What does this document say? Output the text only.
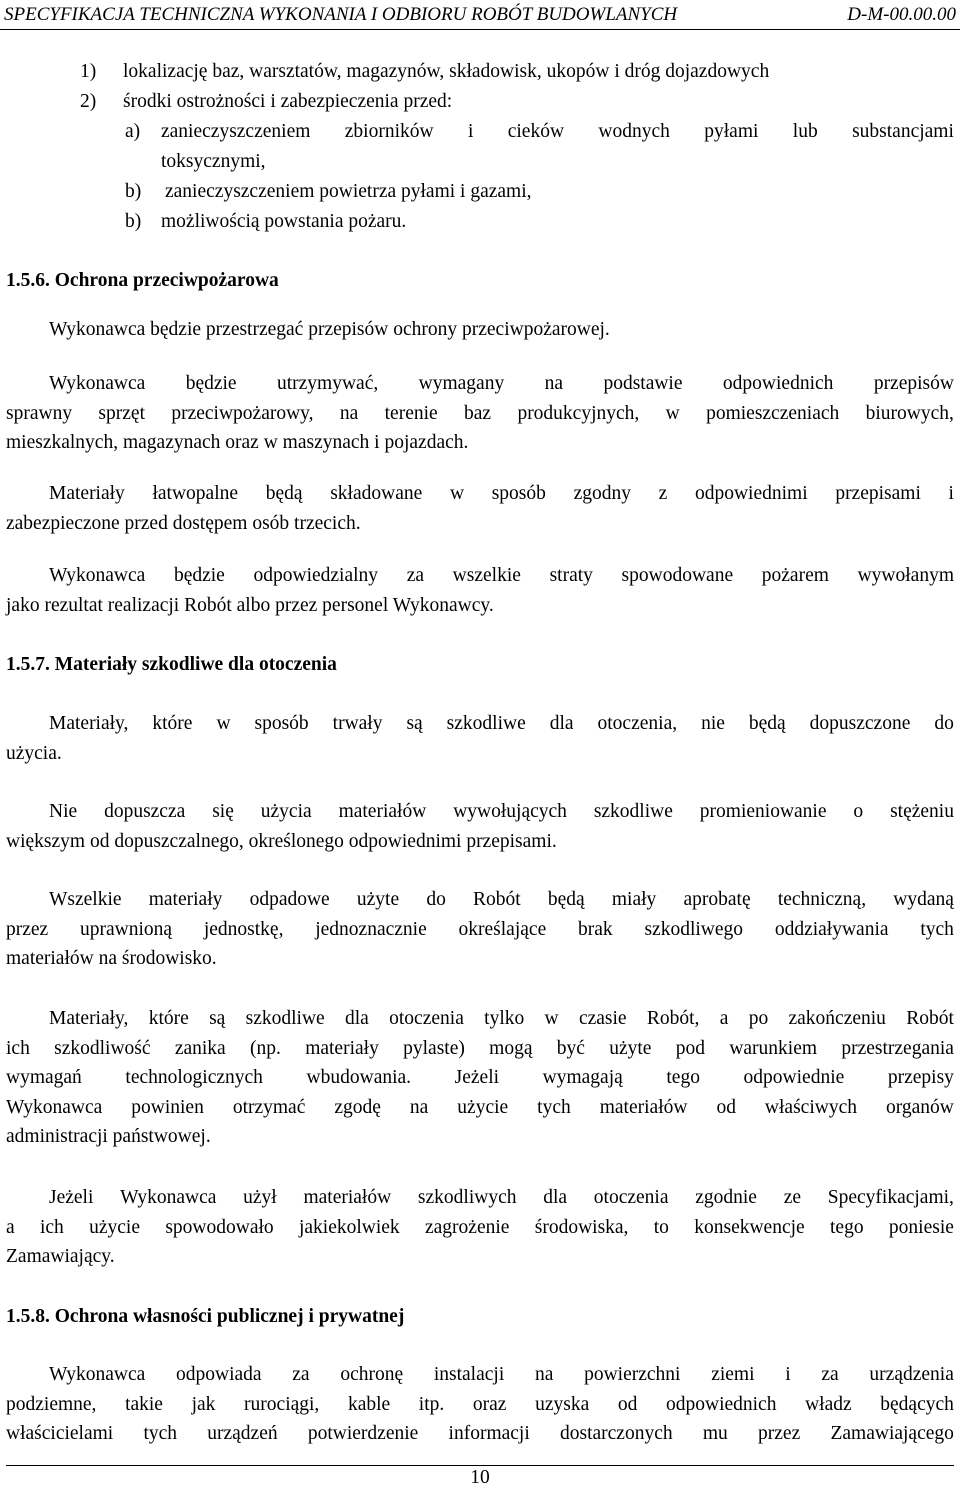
SPECYFIKACJA TECHNICZNA WYKONANIA I ODBIORU ROBÓT BUDOWLANYCH	D-M-00.00.00
1) lokalizację baz, warsztatów, magazynów, składowisk, ukopów i dróg dojazdowych
2) środki ostrożności i zabezpieczenia przed:
a) zanieczyszczeniem zbiorników i cieków wodnych pyłami lub substancjami
toksycznymi,
b) zanieczyszczeniem powietrza pyłami i gazami,
b) możliwością powstania pożaru.
1.5.6. Ochrona przeciwpożarowa
Wykonawca będzie przestrzegać przepisów ochrony przeciwpożarowej.
Wykonawca będzie utrzymywać, wymagany na podstawie odpowiednich przepisów
sprawny sprzęt przeciwpożarowy, na terenie baz produkcyjnych, w pomieszczeniach biurowych,
mieszkalnych, magazynach oraz w maszynach i pojazdach.
Materiały łatwopalne będą składowane w sposób zgodny z odpowiednimi przepisami i
zabezpieczone przed dostępem osób trzecich.
Wykonawca będzie odpowiedzialny za wszelkie straty spowodowane pożarem wywołanym
jako rezultat realizacji Robót albo przez personel Wykonawcy.
1.5.7. Materiały szkodliwe dla otoczenia
Materiały, które w sposób trwały są szkodliwe dla otoczenia, nie będą dopuszczone do
użycia.
Nie dopuszcza się użycia materiałów wywołujących szkodliwe promieniowanie o stężeniu
większym od dopuszczalnego, określonego odpowiednimi przepisami.
Wszelkie materiały odpadowe użyte do Robót będą miały aprobatę techniczną, wydaną
przez uprawnioną jednostkę, jednoznacznie określające brak szkodliwego oddziaływania tych
materiałów na środowisko.
Materiały, które są szkodliwe dla otoczenia tylko w czasie Robót, a po zakończeniu Robót
ich szkodliwość zanika (np. materiały pylaste) mogą być użyte pod warunkiem przestrzegania
wymagań technologicznych wbudowania. Jeżeli wymagają tego odpowiednie przepisy
Wykonawca powinien otrzymać zgodę na użycie tych materiałów od właściwych organów
administracji państwowej.
Jeżeli Wykonawca użył materiałów szkodliwych dla otoczenia zgodnie ze Specyfikacjami,
a ich użycie spowodowało jakiekolwiek zagrożenie środowiska, to konsekwencje tego poniesie
Zamawiający.
1.5.8. Ochrona własności publicznej i prywatnej
Wykonawca odpowiada za ochronę instalacji na powierzchni ziemi i za urządzenia
podziemne, takie jak rurociągi, kable itp. oraz uzyska od odpowiednich władz będących
właścicielami tych urządzeń potwierdzenie informacji dostarczonych mu przez Zamawiającego
10
